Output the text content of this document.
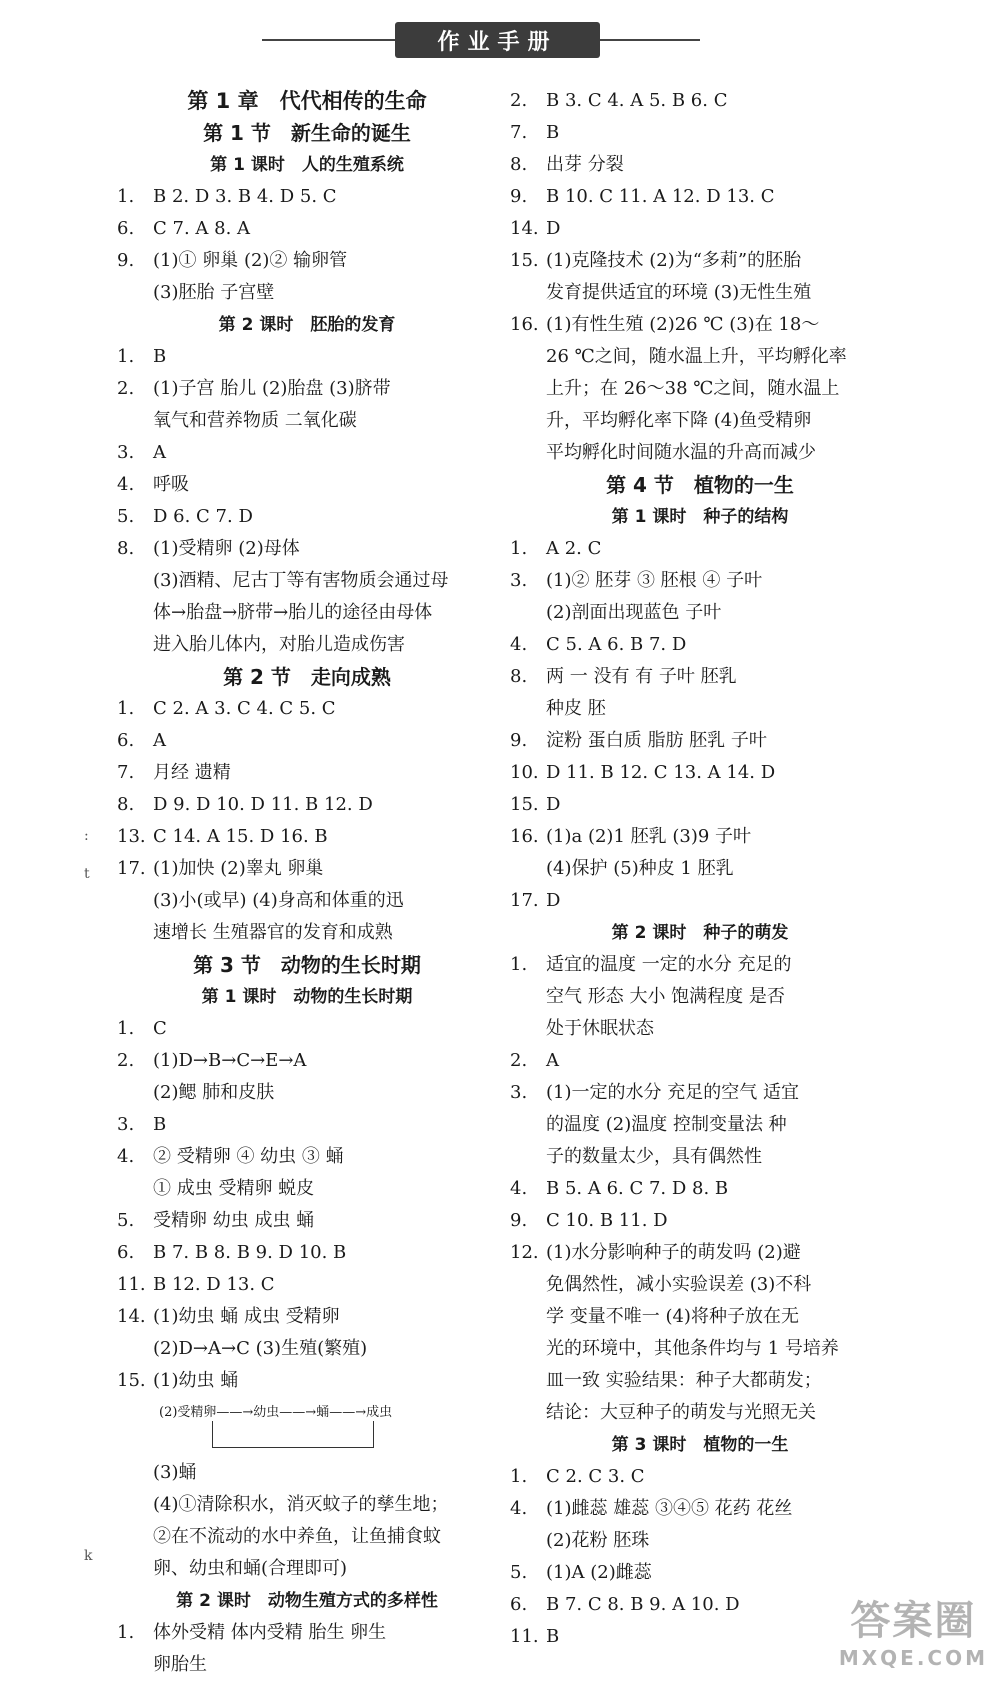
作业手册
:
t
k
第 1 章　代代相传的生命
第 1 节　新生命的诞生
第 1 课时　人的生殖系统
1.	B 2. D 3. B 4. D 5. C
6.	C 7. A 8. A
9.	(1)① 卵巢 (2)② 输卵管
(3)胚胎 子宫壁
第 2 课时　胚胎的发育
1.	B
2.	(1)子宫 胎儿 (2)胎盘 (3)脐带
氧气和营养物质 二氧化碳
3.	A
4.	呼吸
5.	D 6. C 7. D
8.	(1)受精卵 (2)母体
(3)酒精、尼古丁等有害物质会通过母
体→胎盘→脐带→胎儿的途径由母体
进入胎儿体内，对胎儿造成伤害
第 2 节　走向成熟
1.	C 2. A 3. C 4. C 5. C
6.	A
7.	月经 遗精
8.	D 9. D 10. D 11. B 12. D
13. C 14. A 15. D 16. B
17. (1)加快 (2)睾丸 卵巢
(3)小(或早) (4)身高和体重的迅
速增长 生殖器官的发育和成熟
第 3 节　动物的生长时期
第 1 课时　动物的生长时期
1.	C
2.	(1)D→B→C→E→A
(2)鳃 肺和皮肤
3.	B
4.	② 受精卵 ④ 幼虫 ③ 蛹
① 成虫 受精卵 蜕皮
5.	受精卵 幼虫 成虫 蛹
6.	B 7. B 8. B 9. D 10. B
11. B 12. D 13. C
14. (1)幼虫 蛹 成虫 受精卵
(2)D→A→C (3)生殖(繁殖)
15. (1)幼虫 蛹
(2)受精卵——→幼虫——→蛹——→成虫
(3)蛹
(4)①清除积水，消灭蚊子的孳生地；
②在不流动的水中养鱼，让鱼捕食蚊
卵、幼虫和蛹(合理即可)
第 2 课时　动物生殖方式的多样性
1.	体外受精 体内受精 胎生 卵生
卵胎生
2.	B 3. C 4. A 5. B 6. C
7.	B
8.	出芽 分裂
9.	B 10. C 11. A 12. D 13. C
14. D
15. (1)克隆技术 (2)为“多莉”的胚胎
发育提供适宜的环境 (3)无性生殖
16. (1)有性生殖 (2)26 ℃ (3)在 18～
26 ℃之间，随水温上升，平均孵化率
上升；在 26～38 ℃之间，随水温上
升，平均孵化率下降 (4)鱼受精卵
平均孵化时间随水温的升高而减少
第 4 节　植物的一生
第 1 课时　种子的结构
1.	A 2. C
3.	(1)② 胚芽 ③ 胚根 ④ 子叶
(2)剖面出现蓝色 子叶
4.	C 5. A 6. B 7. D
8.	两 一 没有 有 子叶 胚乳
种皮 胚
9.	淀粉 蛋白质 脂肪 胚乳 子叶
10. D 11. B 12. C 13. A 14. D
15. D
16. (1)a (2)1 胚乳 (3)9 子叶
(4)保护 (5)种皮 1 胚乳
17. D
第 2 课时　种子的萌发
1.	适宜的温度 一定的水分 充足的
空气 形态 大小 饱满程度 是否
处于休眠状态
2.	A
3.	(1)一定的水分 充足的空气 适宜
的温度 (2)温度 控制变量法 种
子的数量太少，具有偶然性
4.	B 5. A 6. C 7. D 8. B
9.	C 10. B 11. D
12. (1)水分影响种子的萌发吗 (2)避
免偶然性，减小实验误差 (3)不科
学 变量不唯一 (4)将种子放在无
光的环境中，其他条件均与 1 号培养
皿一致 实验结果：种子大都萌发；
结论：大豆种子的萌发与光照无关
第 3 课时　植物的一生
1.	C 2. C 3. C
4.	(1)雌蕊 雄蕊 ③④⑤ 花药 花丝
(2)花粉 胚珠
5.	(1)A (2)雌蕊
6.	B 7. C 8. B 9. A 10. D
11. B	答案圈
MXQE.COM
